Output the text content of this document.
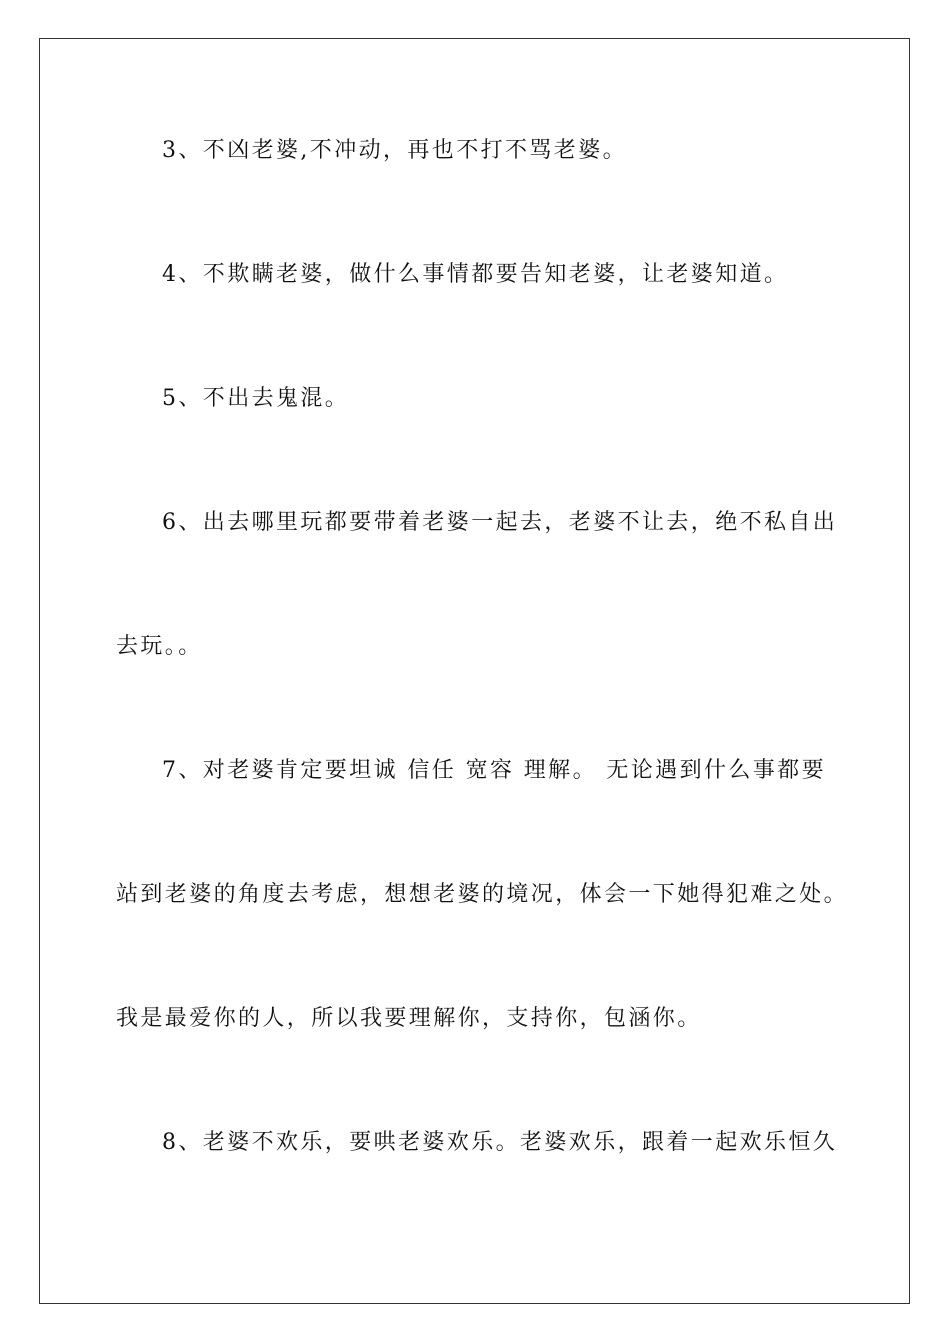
3、不凶老婆,不冲动，再也不打不骂老婆。

4、不欺瞒老婆，做什么事情都要告知老婆，让老婆知道。

5、不出去鬼混。

6、出去哪里玩都要带着老婆一起去，老婆不让去，绝不私自出

去玩。。

7、对老婆肯定要坦诚 信任 宽容 理解。 无论遇到什么事都要

站到老婆的角度去考虑，想想老婆的境况，体会一下她得犯难之处。

我是最爱你的人，所以我要理解你，支持你，包涵你。

8、老婆不欢乐，要哄老婆欢乐。老婆欢乐，跟着一起欢乐恒久
